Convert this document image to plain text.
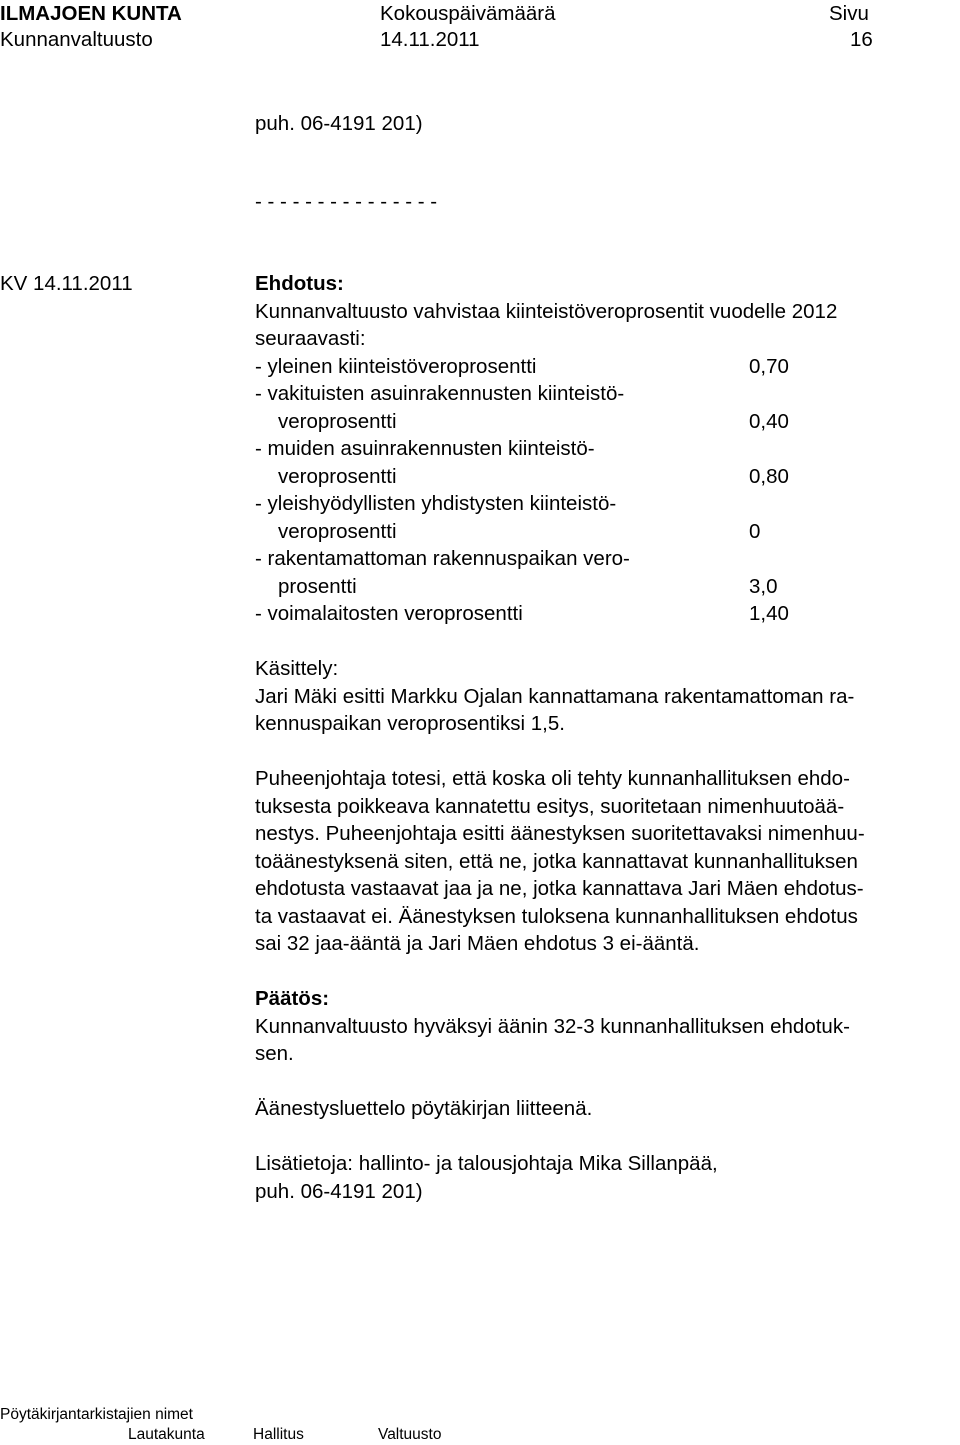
ILMAJOEN KUNTA	Kokouspäivämäärä	Sivu
Kunnanvaltuusto	14.11.2011	16
puh. 06-4191 201)
- - - - - - - - - - - - - - -
KV 14.11.2011	Ehdotus:
Kunnanvaltuusto vahvistaa kiinteistöveroprosentit vuodelle 2012
seuraavasti:
- yleinen kiinteistöveroprosentti	0,70
- vakituisten asuinrakennusten kiinteistö-
veroprosentti	0,40
- muiden asuinrakennusten kiinteistö-
veroprosentti	0,80
- yleishyödyllisten yhdistysten kiinteistö-
veroprosentti	0
- rakentamattoman rakennuspaikan vero-
prosentti	3,0
- voimalaitosten veroprosentti	1,40
Käsittely:
Jari Mäki esitti Markku Ojalan kannattamana rakentamattoman ra-
kennuspaikan veroprosentiksi 1,5.
Puheenjohtaja totesi, että koska oli tehty kunnanhallituksen ehdo-
tuksesta poikkeava kannatettu esitys, suoritetaan nimenhuutoää-
nestys. Puheenjohtaja esitti äänestyksen suoritettavaksi nimenhuu-
toäänestyksenä siten, että ne, jotka kannattavat kunnanhallituksen
ehdotusta vastaavat jaa ja ne, jotka kannattava Jari Mäen ehdotus-
ta vastaavat ei. Äänestyksen tuloksena kunnanhallituksen ehdotus
sai 32 jaa-ääntä ja Jari Mäen ehdotus 3 ei-ääntä.
Päätös:
Kunnanvaltuusto hyväksyi äänin 32-3 kunnanhallituksen ehdotuk-
sen.
Äänestysluettelo pöytäkirjan liitteenä.
Lisätietoja: hallinto- ja talousjohtaja Mika Sillanpää,
puh. 06-4191 201)
Pöytäkirjantarkistajien nimet
Lautakunta	Hallitus	Valtuusto
